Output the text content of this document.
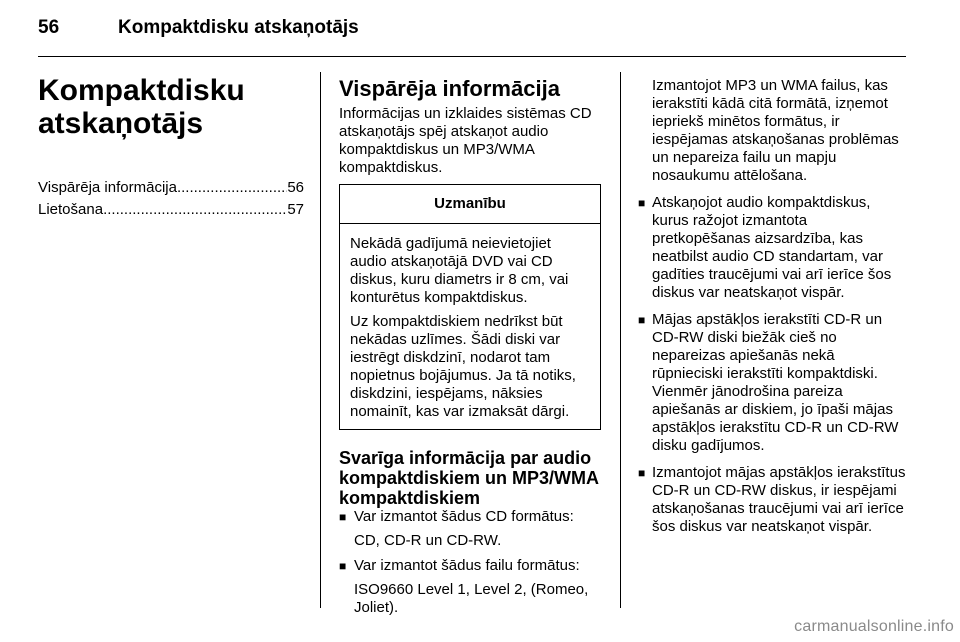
56	Kompaktdisku atskaņotājs
Kompaktdisku
atskaņotājs
Vispārēja informācija .....	56
Lietošana .....	57
Vispārēja informācija

Informācijas un izklaides sistēmas CD atskaņotājs spēj atskaņot audio kompaktdiskus un MP3/WMA kompaktdiskus.

Uzmanību

Nekādā gadījumā neievietojiet audio atskaņotājā DVD vai CD diskus, kuru diametrs ir 8 cm, vai konturētus kompaktdiskus.

Uz kompaktdiskiem nedrīkst būt nekādas uzlīmes. Šādi diski var iestrēgt diskdzinī, nodarot tam nopietnus bojājumus. Ja tā notiks, diskdzini, iespējams, nāksies nomainīt, kas var izmaksāt dārgi.

Svarīga informācija par audio kompaktdiskiem un MP3/WMA kompaktdiskiem
■ Var izmantot šādus CD formātus:
CD, CD-R un CD-RW.
■ Var izmantot šādus failu formātus:
ISO9660 Level 1, Level 2, (Romeo, Joliet).

Izmantojot MP3 un WMA failus, kas ierakstīti kādā citā formātā, izņemot iepriekš minētos formātus, ir iespējamas atskaņošanas problēmas un nepareiza failu un mapju nosaukumu attēlošana.

■ Atskaņojot audio kompaktdiskus, kurus ražojot izmantota pretkopēšanas aizsardzība, kas neatbilst audio CD standartam, var gadīties traucējumi vai arī ierīce šos diskus var neatskaņot vispār.
■ Mājas apstākļos ierakstīti CD-R un CD-RW diski biežāk cieš no nepareizas apiešanās nekā rūpnieciski ierakstīti kompaktdiski. Vienmēr jānodrošina pareiza apiešanās ar diskiem, jo īpaši mājas apstākļos ierakstītu CD-R un CD-RW disku gadījumos.
■ Izmantojot mājas apstākļos ierakstītus CD-R un CD-RW diskus, ir iespējami atskaņošanas traucējumi vai arī ierīce šos diskus var neatskaņot vispār.
carmanualsonline.info
